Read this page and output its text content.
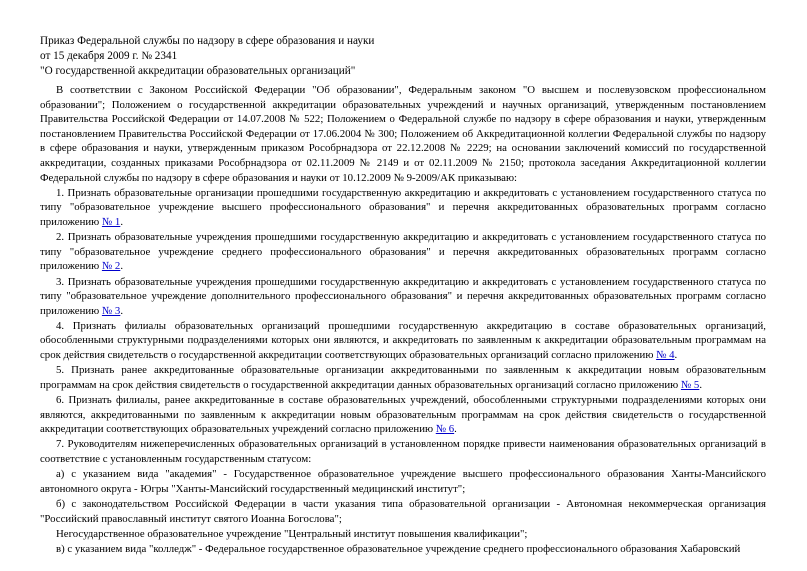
Приказ Федеральной службы по надзору в сфере образования и науки
от 15 декабря 2009 г. № 2341
"О государственной аккредитации образовательных организаций"

В соответствии с Законом Российской Федерации "Об образовании", Федеральным законом "О высшем и послевузовском профессиональном образовании"; Положением о государственной аккредитации образовательных учреждений и научных организаций, утвержденным постановлением Правительства Российской Федерации от 14.07.2008 № 522; Положением о Федеральной службе по надзору в сфере образования и науки, утвержденным постановлением Правительства Российской Федерации от 17.06.2004 № 300; Положением об Аккредитационной коллегии Федеральной службы по надзору в сфере образования и науки, утвержденным приказом Рособрнадзора от 22.12.2008 № 2229; на основании заключений комиссий по государственной аккредитации, созданных приказами Рособрнадзора от 02.11.2009 № 2149 и от 02.11.2009 № 2150; протокола заседания Аккредитационной коллегии Федеральной службы по надзору в сфере образования и науки от 10.12.2009 № 9-2009/АК приказываю:

1. Признать образовательные организации прошедшими государственную аккредитацию и аккредитовать с установлением государственного статуса по типу "образовательное учреждение высшего профессионального образования" и перечня аккредитованных образовательных программ согласно приложению № 1.

2. Признать образовательные учреждения прошедшими государственную аккредитацию и аккредитовать с установлением государственного статуса по типу "образовательное учреждение среднего профессионального образования" и перечня аккредитованных образовательных программ согласно приложению № 2.

3. Признать образовательные учреждения прошедшими государственную аккредитацию и аккредитовать с установлением государственного статуса по типу "образовательное учреждение дополнительного профессионального образования" и перечня аккредитованных образовательных программ согласно приложению № 3.

4. Признать филиалы образовательных организаций прошедшими государственную аккредитацию в составе образовательных организаций, обособленными структурными подразделениями которых они являются, и аккредитовать по заявленным к аккредитации образовательным программам на срок действия свидетельств о государственной аккредитации соответствующих образовательных организаций согласно приложению № 4.

5. Признать ранее аккредитованные образовательные организации аккредитованными по заявленным к аккредитации новым образовательным программам на срок действия свидетельств о государственной аккредитации данных образовательных организаций согласно приложению № 5.

6. Признать филиалы, ранее аккредитованные в составе образовательных учреждений, обособленными структурными подразделениями которых они являются, аккредитованными по заявленным к аккредитации новым образовательным программам на срок действия свидетельств о государственной аккредитации соответствующих образовательных учреждений согласно приложению № 6.

7. Руководителям нижеперечисленных образовательных организаций в установленном порядке привести наименования образовательных организаций в соответствие с установленным государственным статусом:

а) с указанием вида "академия" - Государственное образовательное учреждение высшего профессионального образования Ханты-Мансийского автономного округа - Югры "Ханты-Мансийский государственный медицинский институт";

б) с законодательством Российской Федерации в части указания типа образовательной организации - Автономная некоммерческая организация "Российский православный институт святого Иоанна Богослова";

Негосударственное образовательное учреждение "Центральный институт повышения квалификации";

в) с указанием вида "колледж" - Федеральное государственное образовательное учреждение среднего профессионального образования Хабаровский
